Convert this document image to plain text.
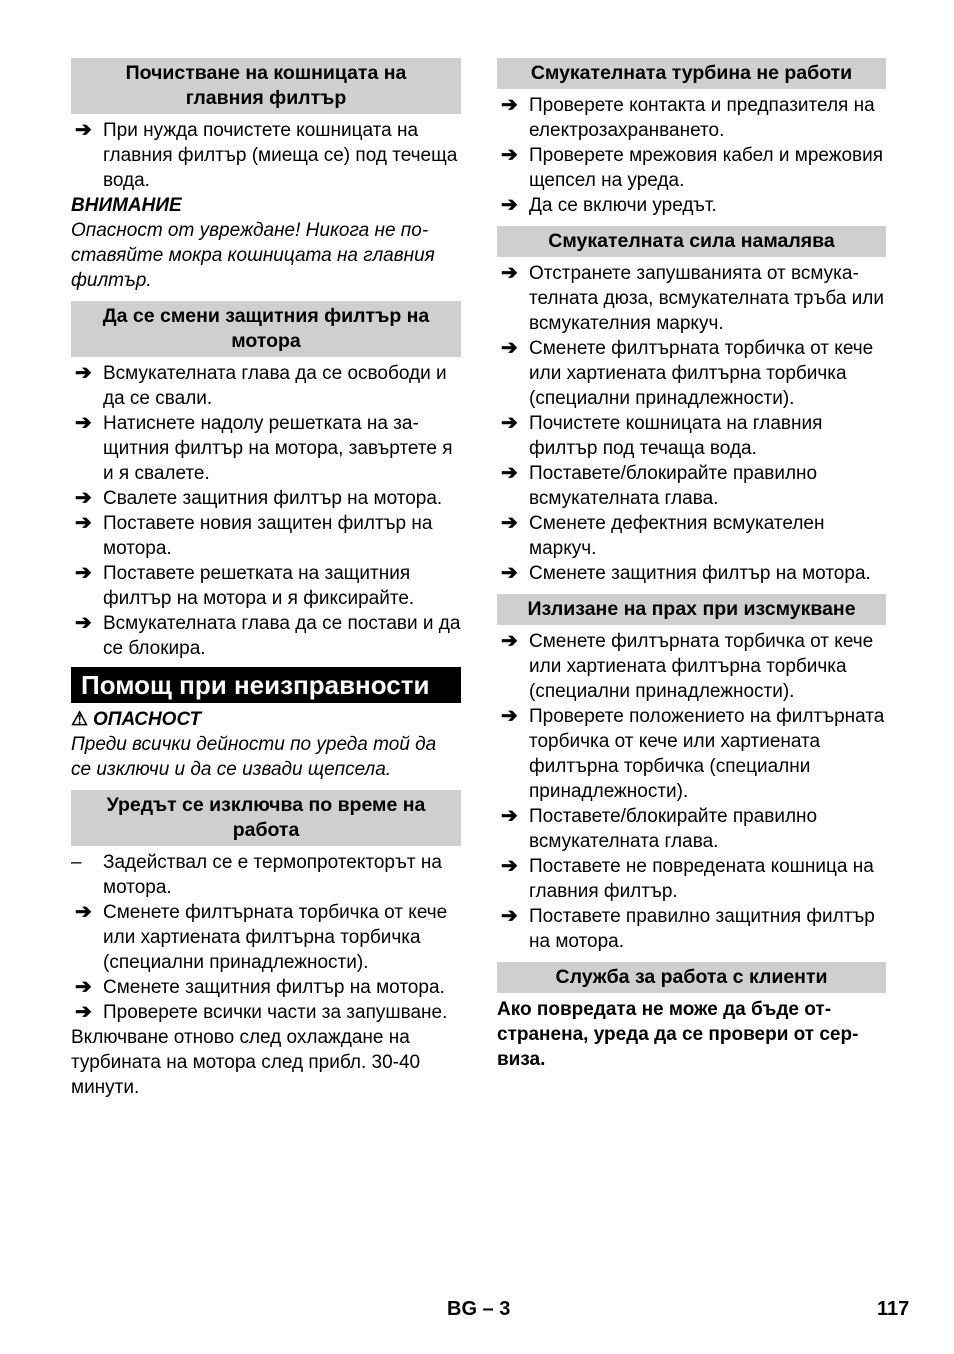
Почистване на кошницата на
главния филтър
➔ При нужда почистете кошницата на главния филтър (миеща се) под течеща вода.
ВНИМАНИЕ
Опасност от увреждане! Никога не поставяйте мокра кошницата на главния филтър.
Да се смени защитния филтър на
мотора
➔ Всмукателната глава да се освободи и да се свали.
➔ Натиснете надолу решетката на защитния филтър на мотора, завъртете я и я свалете.
➔ Свалете защитния филтър на мотора.
➔ Поставете новия защитен филтър на мотора.
➔ Поставете решетката на защитния филтър на мотора и я фиксирайте.
➔ Всмукателната глава да се постави и да се блокира.
Помощ при неизправности
⚠ ОПАСНОСТ
Преди всички дейности по уреда той да се изключи и да се извади щепсела.
Уредът се изключва по време на
работа
– Задействал се е термопротекторът на мотора.
➔ Сменете филтърната торбичка от кече или хартиената филтърна торбичка (специални принадлежности).
➔ Сменете защитния филтър на мотора.
➔ Проверете всички части за запушване.
Включване отново след охлаждане на турбината на мотора след прибл. 30-40 минути.
Смукателната турбина не работи
➔ Проверете контакта и предпазителя на електрозахранването.
➔ Проверете мрежовия кабел и мрежовия щепсел на уреда.
➔ Да се включи уредът.
Смукателната сила намалява
➔ Отстранете запушванията от всмукателната дюза, всмукателната тръба или всмукателния маркуч.
➔ Сменете филтърната торбичка от кече или хартиената филтърна торбичка (специални принадлежности).
➔ Почистете кошницата на главния филтър под течаща вода.
➔ Поставете/блокирайте правилно всмукателната глава.
➔ Сменете дефектния всмукателен маркуч.
➔ Сменете защитния филтър на мотора.
Излизане на прах при изсмукване
➔ Сменете филтърната торбичка от кече или хартиената филтърна торбичка (специални принадлежности).
➔ Проверете положението на филтърната торбичка от кече или хартиената филтърна торбичка (специални принадлежности).
➔ Поставете/блокирайте правилно всмукателната глава.
➔ Поставете не повредената кошница на главния филтър.
➔ Поставете правилно защитния филтър на мотора.
Служба за работа с клиенти
Ако повредата не може да бъде отстранена, уреда да се провери от сервиза.
BG – 3	117
